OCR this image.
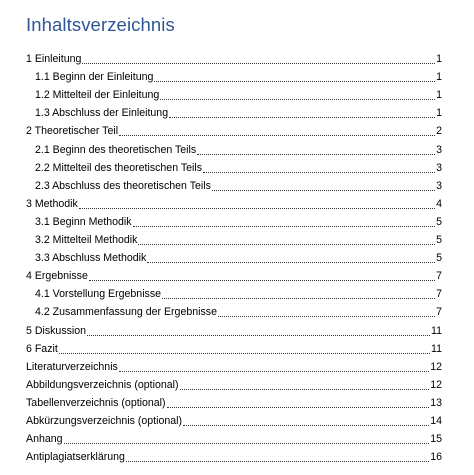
Inhaltsverzeichnis
1 Einleitung	1
1.1 Beginn der Einleitung	1
1.2 Mittelteil der Einleitung	1
1.3 Abschluss der Einleitung	1
2 Theoretischer Teil	2
2.1 Beginn des theoretischen Teils	3
2.2 Mittelteil des theoretischen Teils	3
2.3 Abschluss des theoretischen Teils	3
3 Methodik	4
3.1 Beginn Methodik	5
3.2 Mittelteil Methodik	5
3.3 Abschluss Methodik	5
4 Ergebnisse	7
4.1 Vorstellung Ergebnisse	7
4.2 Zusammenfassung der Ergebnisse	7
5 Diskussion	11
6 Fazit	11
Literaturverzeichnis	12
Abbildungsverzeichnis (optional)	12
Tabellenverzeichnis (optional)	13
Abkürzungsverzeichnis (optional)	14
Anhang	15
Antiplagiatserklärung	16
